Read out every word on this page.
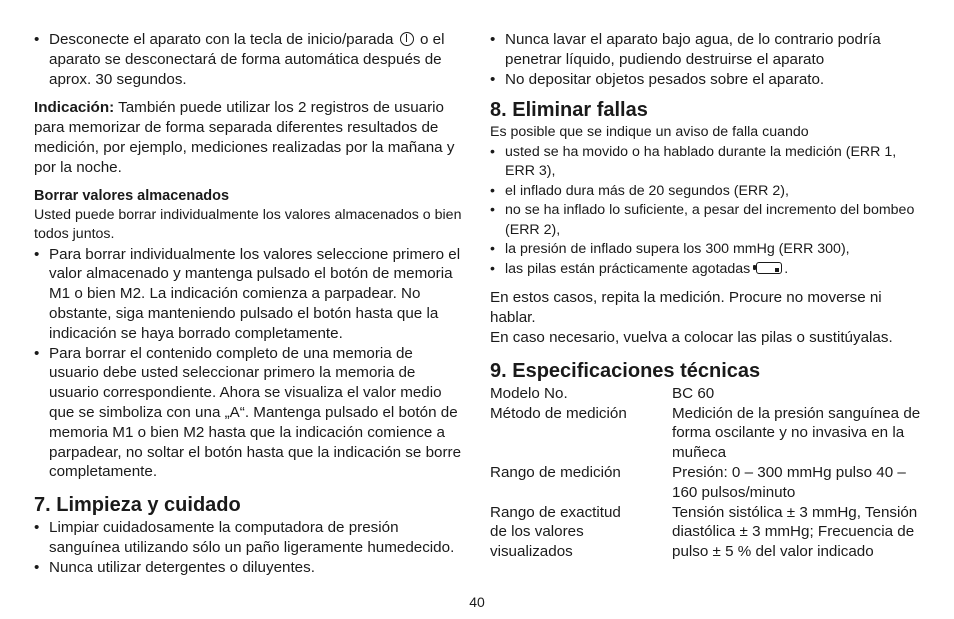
• Desconecte el aparato con la tecla de inicio/parada o el aparato se desconectará de forma automática después de aprox. 30 segundos.

Indicación: También puede utilizar los 2 registros de usuario para memorizar de forma separada diferentes resultados de medición, por ejemplo, mediciones realizadas por la mañana y por la noche.

Borrar valores almacenados

Usted puede borrar individualmente los valores almacenados o bien todos juntos.

• Para borrar individualmente los valores seleccione primero el valor almacenado y mantenga pulsado el botón de memoria M1 o bien M2. La indicación comienza a parpadear. No obstante, siga manteniendo pulsado el botón hasta que la indicación se haya borrado completamente.
• Para borrar el contenido completo de una memoria de usuario debe usted seleccionar primero la memoria de usuario correspondiente. Ahora se visualiza el valor medio que se simboliza con una „A“. Mantenga pulsado el botón de memoria M1 o bien M2 hasta que la indicación comience a parpadear, no soltar el botón hasta que la indicación se borre completamente.
7. Limpieza y cuidado
• Limpiar cuidadosamente la computadora de presión sanguínea utilizando sólo un paño ligeramente humedecido.
• Nunca utilizar detergentes o diluyentes.
• Nunca lavar el aparato bajo agua, de lo contrario podría penetrar líquido, pudiendo destruirse el aparato
• No depositar objetos pesados sobre el aparato.
8. Eliminar fallas

Es posible que se indique un aviso de falla cuando

• usted se ha movido o ha hablado durante la medición (ERR 1, ERR 3),
• el inflado dura más de 20 segundos (ERR 2),
• no se ha inflado lo suficiente, a pesar del incremento del bombeo (ERR 2),
• la presión de inflado supera los 300 mmHg (ERR 300),
• las pilas están prácticamente agotadas .

En estos casos, repita la medición. Procure no moverse ni hablar.

En caso necesario, vuelva a colocar las pilas o sustitúyalas.

9. Especificaciones técnicas
Modelo No.	BC 60
Método de medición	Medición de la presión sanguínea de forma oscilante y no invasiva en la muñeca
Rango de medición	Presión: 0 – 300 mmHg pulso 40 – 160 pulsos/minuto
Rango de exactitud de los valores visualizados	Tensión sistólica ± 3 mmHg, Tensión diastólica ± 3 mmHg; Frecuencia de pulso ± 5 % del valor indicado
40
